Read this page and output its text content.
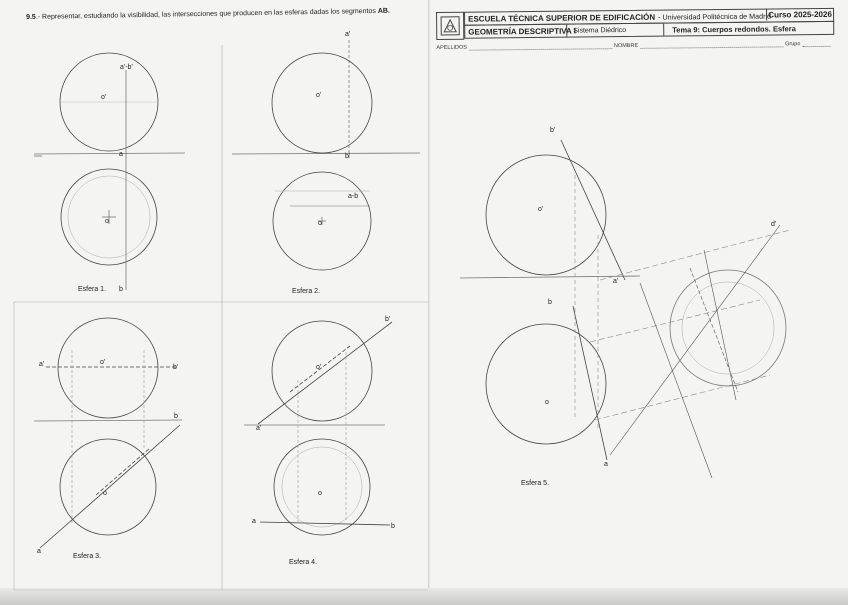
9.5.- Representar, estudiando la visibilidad, las intersecciones que producen en las esferas dadas los segmentos AB.
ESCUELA TÉCNICA SUPERIOR DE EDIFICACIÓN - Universidad Politécnica de Madrid
Curso 2025-2026
GEOMETRÍA DESCRIPTIVA I
Sistema Diédrico	Tema 9: Cuerpos redondos. Esfera
APELLIDOS	NOMBRE	Grupo
a'-b'
o'
a
o
b
Esfera 1.
a'
o'
b'
a-b
o
Esfera 2.
a'	o'
b'
b
o
a
Esfera 3.
b'
o'
a'
o
a
b
Esfera 4.
b'
o'
a'
d'
b
o
a
Esfera 5.
